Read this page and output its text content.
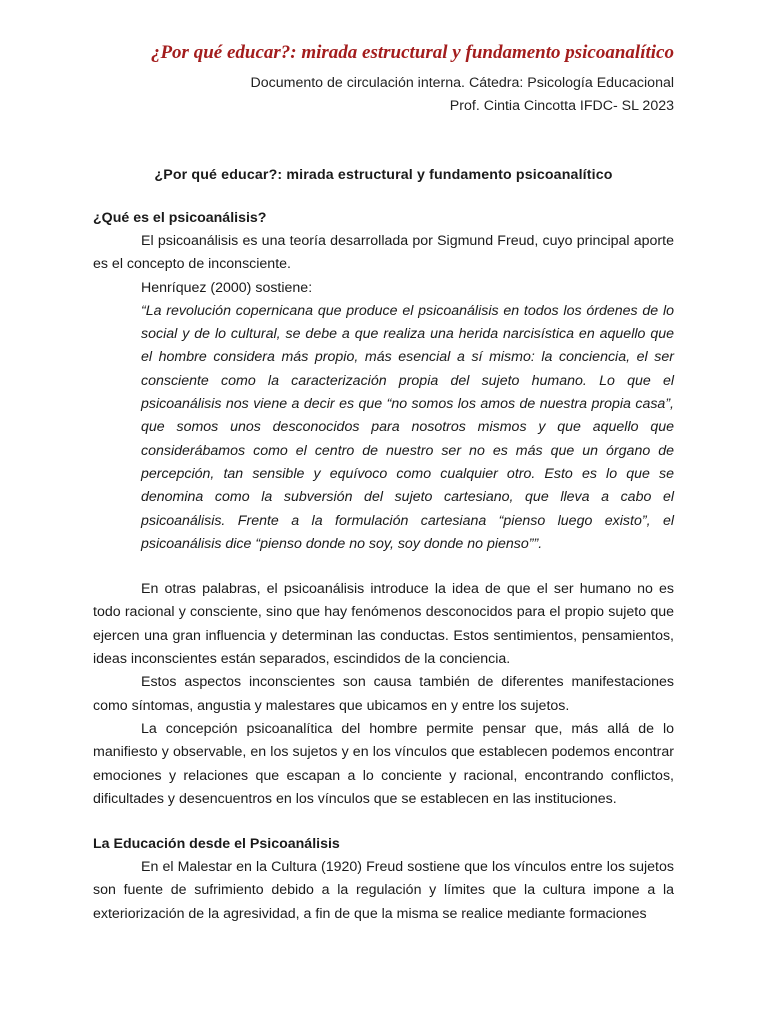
¿Por qué educar?: mirada estructural y fundamento psicoanalítico
Documento de circulación interna. Cátedra: Psicología Educacional
Prof. Cintia Cincotta IFDC- SL 2023
¿Por qué educar?: mirada estructural y fundamento psicoanalítico
¿Qué es el psicoanálisis?

El psicoanálisis es una teoría desarrollada por Sigmund Freud, cuyo principal aporte es el concepto de inconsciente.

Henríquez (2000) sostiene:

“La revolución copernicana que produce el psicoanálisis en todos los órdenes de lo social y de lo cultural, se debe a que realiza una herida narcisística en aquello que el hombre considera más propio, más esencial a sí mismo: la conciencia, el ser consciente como la caracterización propia del sujeto humano. Lo que el psicoanálisis nos viene a decir es que “no somos los amos de nuestra propia casa”, que somos unos desconocidos para nosotros mismos y que aquello que considerábamos como el centro de nuestro ser no es más que un órgano de percepción, tan sensible y equívoco como cualquier otro. Esto es lo que se denomina como la subversión del sujeto cartesiano, que lleva a cabo el psicoanálisis. Frente a la formulación cartesiana “pienso luego existo”, el psicoanálisis dice “pienso donde no soy, soy donde no pienso””.

En otras palabras, el psicoanálisis introduce la idea de que el ser humano no es todo racional y consciente, sino que hay fenómenos desconocidos para el propio sujeto que ejercen una gran influencia y determinan las conductas. Estos sentimientos, pensamientos, ideas inconscientes están separados, escindidos de la conciencia.

Estos aspectos inconscientes son causa también de diferentes manifestaciones como síntomas, angustia y malestares que ubicamos en y entre los sujetos.

La concepción psicoanalítica del hombre permite pensar que, más allá de lo manifiesto y observable, en los sujetos y en los vínculos que establecen podemos encontrar emociones y relaciones que escapan a lo conciente y racional, encontrando conflictos, dificultades y desencuentros en los vínculos que se establecen en las instituciones.

La Educación desde el Psicoanálisis

En el Malestar en la Cultura (1920) Freud sostiene que los vínculos entre los sujetos son fuente de sufrimiento debido a la regulación y límites que la cultura impone a la exteriorización de la agresividad, a fin de que la misma se realice mediante formaciones
